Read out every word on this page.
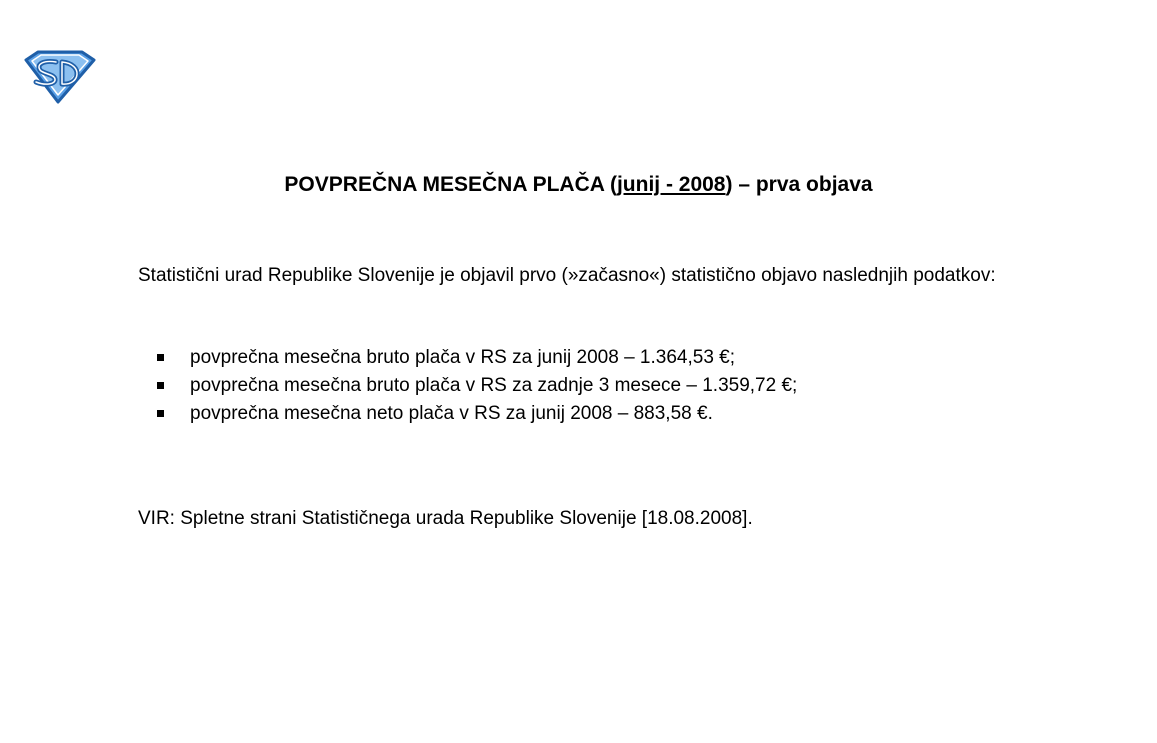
POVPREČNA MESEČNA PLAČA (junij - 2008) – prva objava

Statistični urad Republike Slovenije je objavil prvo (»začasno«) statistično objavo naslednjih podatkov:

povprečna mesečna bruto plača v RS za junij 2008 – 1.364,53 €;
povprečna mesečna bruto plača v RS za zadnje 3 mesece – 1.359,72 €;
povprečna mesečna neto plača v RS za junij 2008 – 883,58 €.

VIR: Spletne strani Statističnega urada Republike Slovenije [18.08.2008].
